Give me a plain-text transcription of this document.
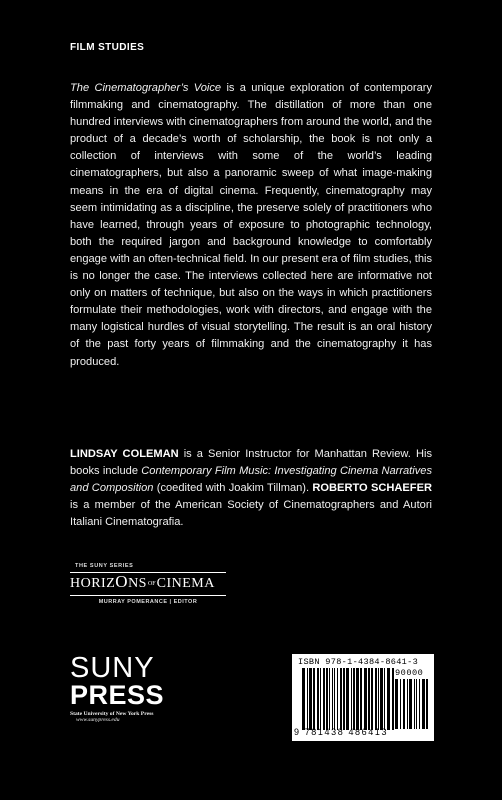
FILM STUDIES

The Cinematographer’s Voice is a unique exploration of contemporary filmmaking and cinematography. The distillation of more than one hundred interviews with cinematographers from around the world, and the product of a decade’s worth of scholarship, the book is not only a collection of interviews with some of the world’s leading cinematographers, but also a panoramic sweep of what image-making means in the era of digital cinema. Frequently, cinematography may seem intimidating as a discipline, the preserve solely of practitioners who have learned, through years of exposure to photographic technology, both the required jargon and background knowledge to comfortably engage with an often-technical field. In our present era of film studies, this is no longer the case. The interviews collected here are informative not only on matters of technique, but also on the ways in which practitioners formulate their methodologies, work with directors, and engage with the many logistical hurdles of visual storytelling. The result is an oral history of the past forty years of filmmaking and the cinematography it has produced.

LINDSAY COLEMAN is a Senior Instructor for Manhattan Review. His books include Contemporary Film Music: Investigating Cinema Narratives and Composition (coedited with Joakim Tillman). ROBERTO SCHAEFER is a member of the American Society of Cinematographers and Autori Italiani Cinematografia.

THE SUNY SERIES
HORIZ O NS OF CINEMA
MURRAY POMERANCE | EDITOR
SUNY
PRESS
State University of New York Press
www.sunypress.edu
ISBN 978-1-4384-8641-3
90000
9 781438 486413
